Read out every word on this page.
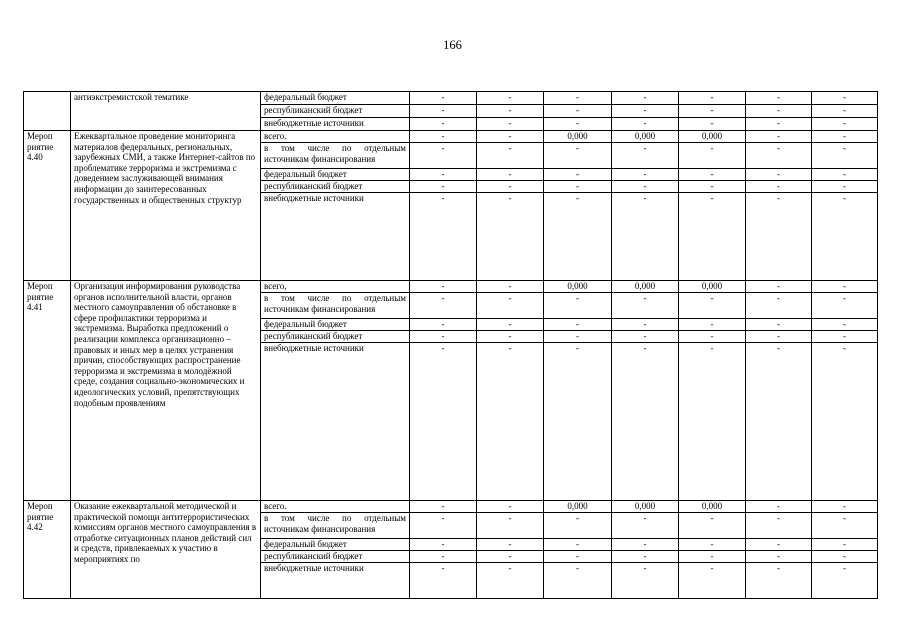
166
	антиэкстремистской тематике	федеральный бюджет	-	-	-	-	-	-	-
		республиканский бюджет	-	-	-	-	-	-	-
		внебюджетные источники	-	-	-	-	-	-	-
Мероп риятие 4.40	Ежеквартальное проведение мониторинга материалов федеральных, региональных, зарубежных СМИ, а также Интернет-сайтов по проблематике терроризма и экстремизма с доведением заслуживающей внимания информации до заинтересованных государственных и общественных структур	всего.	-	-	0,000	0,000	0,000	-	-
		в том числе по отдельным источникам финансирования	-	-	-	-	-	-	-
		федеральный бюджет	-	-	-	-	-	-	-
		республиканский бюджет	-	-	-	-	-	-	-
		внебюджетные источники	-	-	-	-	-	-	-
Мероп риятие 4.41	Организация информирования руководства органов исполнительной власти, органов местного самоуправления об обстановке в сфере профилактики терроризма и экстремизма. Выработка предложений о реализации комплекса организационно – правовых и иных мер в целях устранения причин, способствующих распространение терроризма и экстремизма в молодёжной среде, создания социально-экономических и идеологических условий, препятствующих подобным проявлениям	всего,	-	-	0,000	0,000	0,000	-	-
		в том числе по отдельным источникам финансирования	-	-	-	-	-	-	-
		федеральный бюджет	-	-	-	-	-	-	-
		республиканский бюджет	-	-	-	-	-	-	-
		внебюджетные источники	-	-	-	-	-	-	-
Мероп риятие 4.42	Оказание ежеквартальной методической и практической помощи антитеррористических комиссиям органов местного самоуправления в отработке ситуационных планов действий сил и средств, привлекаемых к участию в мероприятиях по	всего.	-	-	0,000	0,000	0,000	-	-
		в том числе по отдельным источникам финансирования	-	-	-	-	-	-	-
		федеральный бюджет	-	-	-	-	-	-	-
		республиканский бюджет	-	-	-	-	-	-	-
		внебюджетные источники	-	-	-	-	-	-	-
